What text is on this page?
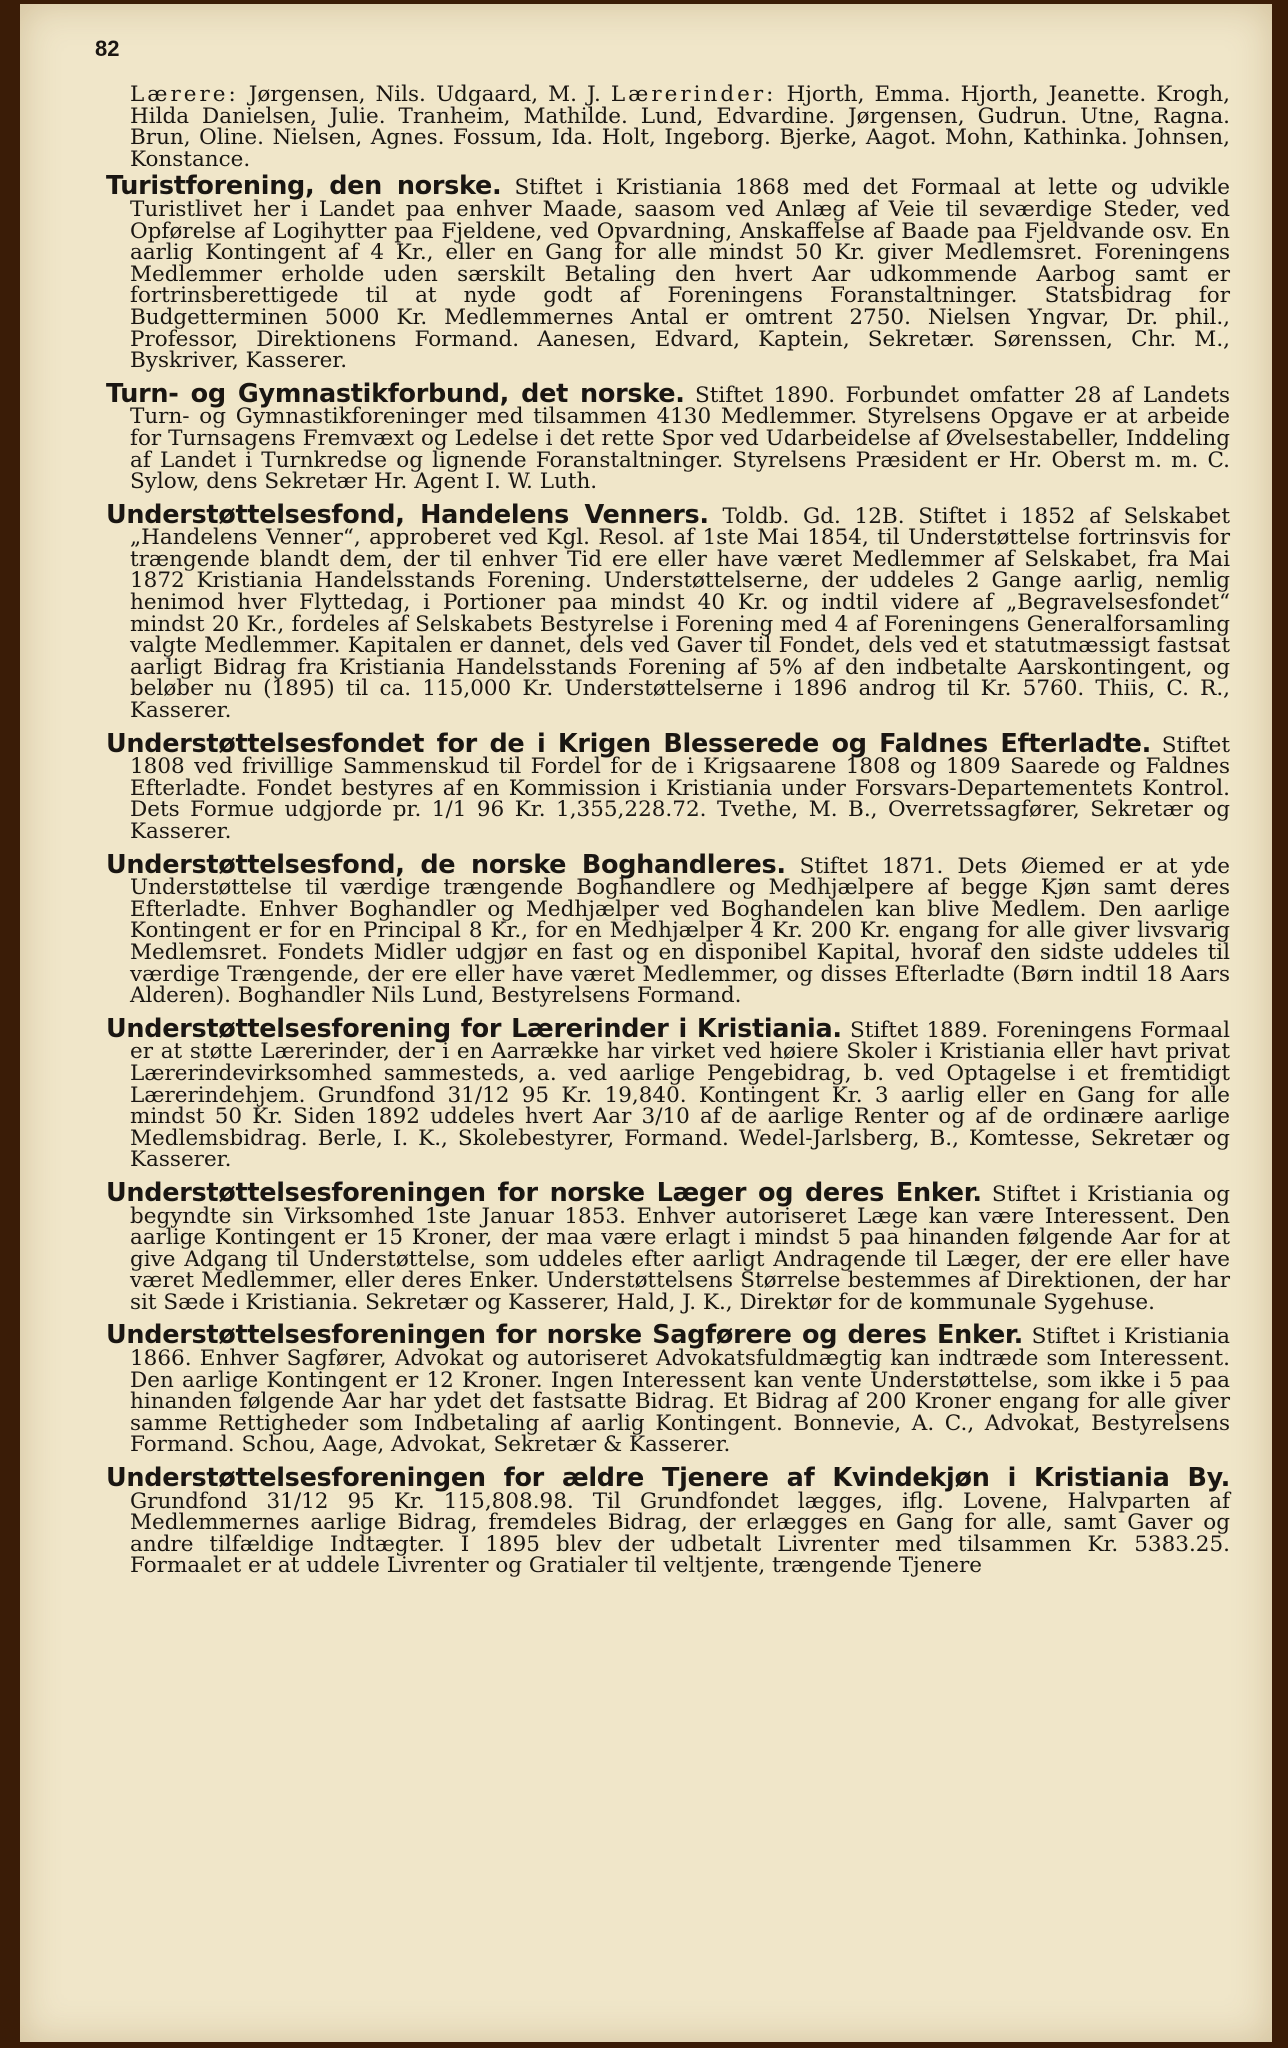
82

Lærere: Jørgensen, Nils. Udgaard, M. J. Lærerinder: Hjorth, Emma. Hjorth, Jeanette. Krogh, Hilda Danielsen, Julie. Tranheim, Mathilde. Lund, Edvardine. Jørgensen, Gudrun. Utne, Ragna. Brun, Oline. Nielsen, Agnes. Fossum, Ida. Holt, Ingeborg. Bjerke, Aagot. Mohn, Kathinka. Johnsen, Konstance.

Turistforening, den norske. Stiftet i Kristiania 1868 med det Formaal at lette og udvikle Turistlivet her i Landet paa enhver Maade, saasom ved Anlæg af Veie til seværdige Steder, ved Opførelse af Logihytter paa Fjeldene, ved Opvardning, Anskaffelse af Baade paa Fjeldvande osv. En aarlig Kontingent af 4 Kr., eller en Gang for alle mindst 50 Kr. giver Medlemsret. Foreningens Medlemmer erholde uden særskilt Betaling den hvert Aar udkommende Aarbog samt er fortrinsberettigede til at nyde godt af Foreningens Foranstaltninger. Statsbidrag for Budgetterminen 5000 Kr. Medlemmernes Antal er omtrent 2750. Nielsen Yngvar, Dr. phil., Professor, Direktionens Formand. Aanesen, Edvard, Kaptein, Sekretær. Sørenssen, Chr. M., Byskriver, Kasserer.

Turn- og Gymnastikforbund, det norske. Stiftet 1890. Forbundet omfatter 28 af Landets Turn- og Gymnastikforeninger med tilsammen 4130 Medlemmer. Styrelsens Opgave er at arbeide for Turnsagens Fremvæxt og Ledelse i det rette Spor ved Udarbeidelse af Øvelsestabeller, Inddeling af Landet i Turnkredse og lignende Foranstaltninger. Styrelsens Præsident er Hr. Oberst m. m. C. Sylow, dens Sekretær Hr. Agent I. W. Luth.

Understøttelsesfond, Handelens Venners. Toldb. Gd. 12B. Stiftet i 1852 af Selskabet „Handelens Venner“, approberet ved Kgl. Resol. af 1ste Mai 1854, til Understøttelse fortrinsvis for trængende blandt dem, der til enhver Tid ere eller have været Medlemmer af Selskabet, fra Mai 1872 Kristiania Handelsstands Forening. Understøttelserne, der uddeles 2 Gange aarlig, nemlig henimod hver Flyttedag, i Portioner paa mindst 40 Kr. og indtil videre af „Begravelsesfondet“ mindst 20 Kr., fordeles af Selskabets Bestyrelse i Forening med 4 af Foreningens Generalforsamling valgte Medlemmer. Kapitalen er dannet, dels ved Gaver til Fondet, dels ved et statutmæssigt fastsat aarligt Bidrag fra Kristiania Handelsstands Forening af 5% af den indbetalte Aarskontingent, og beløber nu (1895) til ca. 115,000 Kr. Understøttelserne i 1896 androg til Kr. 5760. Thiis, C. R., Kasserer.

Understøttelsesfondet for de i Krigen Blesserede og Faldnes Efterladte. Stiftet 1808 ved frivillige Sammenskud til Fordel for de i Krigsaarene 1808 og 1809 Saarede og Faldnes Efterladte. Fondet bestyres af en Kommission i Kristiania under Forsvars-Departementets Kontrol. Dets Formue udgjorde pr. 1/1 96 Kr. 1,355,228.72. Tvethe, M. B., Overretssagfører, Sekretær og Kasserer.

Understøttelsesfond, de norske Boghandleres. Stiftet 1871. Dets Øiemed er at yde Understøttelse til værdige trængende Boghandlere og Medhjælpere af begge Kjøn samt deres Efterladte. Enhver Boghandler og Medhjælper ved Boghandelen kan blive Medlem. Den aarlige Kontingent er for en Principal 8 Kr., for en Medhjælper 4 Kr. 200 Kr. engang for alle giver livsvarig Medlemsret. Fondets Midler udgjør en fast og en disponibel Kapital, hvoraf den sidste uddeles til værdige Trængende, der ere eller have været Medlemmer, og disses Efterladte (Børn indtil 18 Aars Alderen). Boghandler Nils Lund, Bestyrelsens Formand.

Understøttelsesforening for Lærerinder i Kristiania. Stiftet 1889. Foreningens Formaal er at støtte Lærerinder, der i en Aarrække har virket ved høiere Skoler i Kristiania eller havt privat Lærerindevirksomhed sammesteds, a. ved aarlige Pengebidrag, b. ved Optagelse i et fremtidigt Lærerindehjem. Grundfond 31/12 95 Kr. 19,840. Kontingent Kr. 3 aarlig eller en Gang for alle mindst 50 Kr. Siden 1892 uddeles hvert Aar 3/10 af de aarlige Renter og af de ordinære aarlige Medlemsbidrag. Berle, I. K., Skolebestyrer, Formand. Wedel-Jarlsberg, B., Komtesse, Sekretær og Kasserer.

Understøttelsesforeningen for norske Læger og deres Enker. Stiftet i Kristiania og begyndte sin Virksomhed 1ste Januar 1853. Enhver autoriseret Læge kan være Interessent. Den aarlige Kontingent er 15 Kroner, der maa være erlagt i mindst 5 paa hinanden følgende Aar for at give Adgang til Understøttelse, som uddeles efter aarligt Andragende til Læger, der ere eller have været Medlemmer, eller deres Enker. Understøttelsens Størrelse bestemmes af Direktionen, der har sit Sæde i Kristiania. Sekretær og Kasserer, Hald, J. K., Direktør for de kommunale Sygehuse.

Understøttelsesforeningen for norske Sagførere og deres Enker. Stiftet i Kristiania 1866. Enhver Sagfører, Advokat og autoriseret Advokatsfuldmægtig kan indtræde som Interessent. Den aarlige Kontingent er 12 Kroner. Ingen Interessent kan vente Understøttelse, som ikke i 5 paa hinanden følgende Aar har ydet det fastsatte Bidrag. Et Bidrag af 200 Kroner engang for alle giver samme Rettigheder som Indbetaling af aarlig Kontingent. Bonnevie, A. C., Advokat, Bestyrelsens Formand. Schou, Aage, Advokat, Sekretær & Kasserer.

Understøttelsesforeningen for ældre Tjenere af Kvindekjøn i Kristiania By. Grundfond 31/12 95 Kr. 115,808.98. Til Grundfondet lægges, iflg. Lovene, Halvparten af Medlemmernes aarlige Bidrag, fremdeles Bidrag, der erlægges en Gang for alle, samt Gaver og andre tilfældige Indtægter. I 1895 blev der udbetalt Livrenter med tilsammen Kr. 5383.25. Formaalet er at uddele Livrenter og Gratialer til veltjente, trængende Tjenere
